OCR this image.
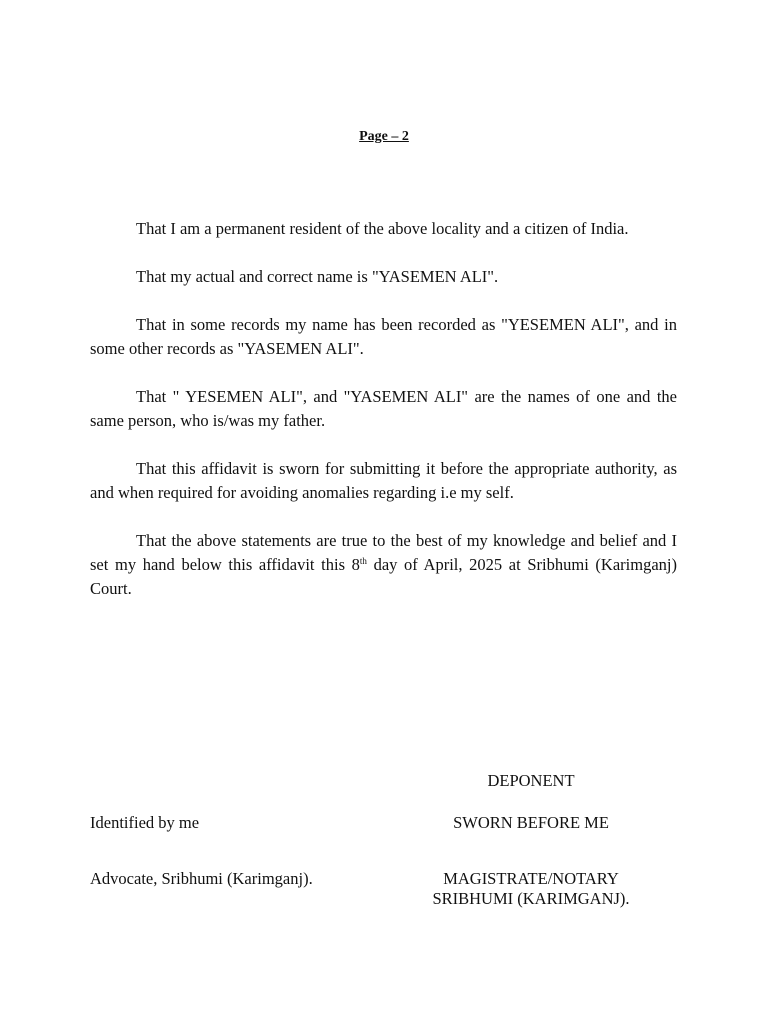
Page – 2

That I am a permanent resident of the above locality and a citizen of India.

That my actual and correct name is "YASEMEN ALI".

That in some records my name has been recorded as "YESEMEN ALI", and in some other records as "YASEMEN ALI".

That " YESEMEN ALI", and "YASEMEN ALI" are the names of one and the same person, who is/was my father.

That this affidavit is sworn for submitting it before the appropriate authority, as and when required for avoiding anomalies regarding i.e my self.

That the above statements are true to the best of my knowledge and belief and I set my hand below this affidavit this 8th day of April, 2025 at Sribhumi (Karimganj) Court.

DEPONENT
Identified by me	SWORN BEFORE ME
Advocate, Sribhumi (Karimganj).	MAGISTRATE/NOTARY
SRIBHUMI (KARIMGANJ).
